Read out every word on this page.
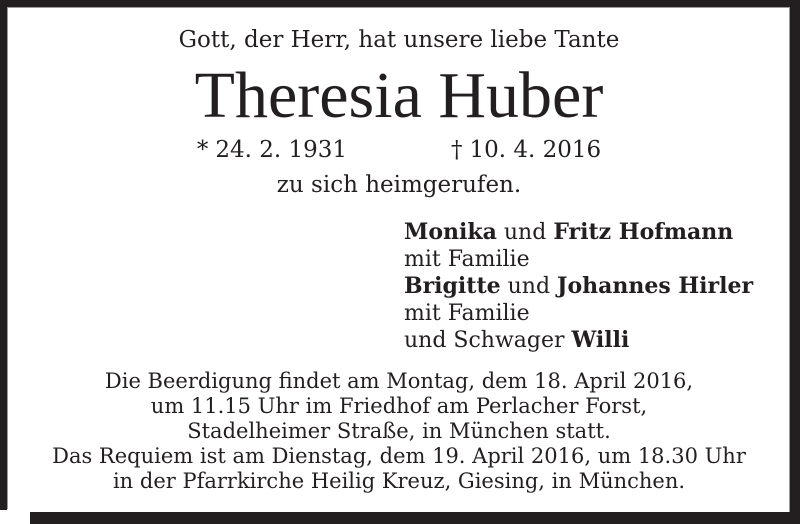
Gott, der Herr, hat unsere liebe Tante
Theresia Huber
* 24. 2. 1931	† 10. 4. 2016
zu sich heimgerufen.
Monika und Fritz Hofmann
mit Familie
Brigitte und Johannes Hirler
mit Familie
und Schwager Willi
Die Beerdigung findet am Montag, dem 18. April 2016,
um 11.15 Uhr im Friedhof am Perlacher Forst,
Stadelheimer Straße, in München statt.
Das Requiem ist am Dienstag, dem 19. April 2016, um 18.30 Uhr
in der Pfarrkirche Heilig Kreuz, Giesing, in München.
